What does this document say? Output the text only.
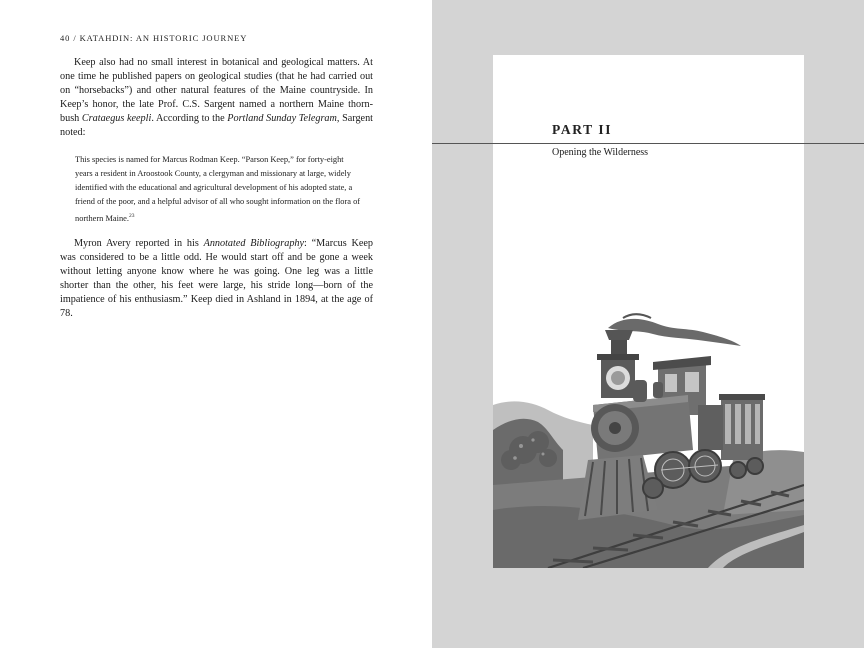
40 / KATAHDIN: AN HISTORIC JOURNEY

Keep also had no small interest in botanical and geological matters. At one time he published papers on geological studies (that he had carried out on “horsebacks”) and other natural features of the Maine countryside. In Keep’s honor, the late Prof. C.S. Sargent named a northern Maine thorn-bush Crataegus keepli. According to the Portland Sunday Telegram, Sargent noted:

This species is named for Marcus Rodman Keep. “Parson Keep,” for forty-eight years a resident in Aroostook County, a clergyman and missionary at large, widely identified with the educational and agricultural development of his adopted state, a friend of the poor, and a helpful advisor of all who sought information on the flora of northern Maine.$^{23}$

Myron Avery reported in his Annotated Bibliography: “Marcus Keep was considered to be a little odd. He would start off and be gone a week without letting anyone know where he was going. One leg was a little shorter than the other, his feet were large, his stride long—born of the impatience of his enthusiasm.” Keep died in Ashland in 1894, at the age of 78.

PART II
Opening the Wilderness
